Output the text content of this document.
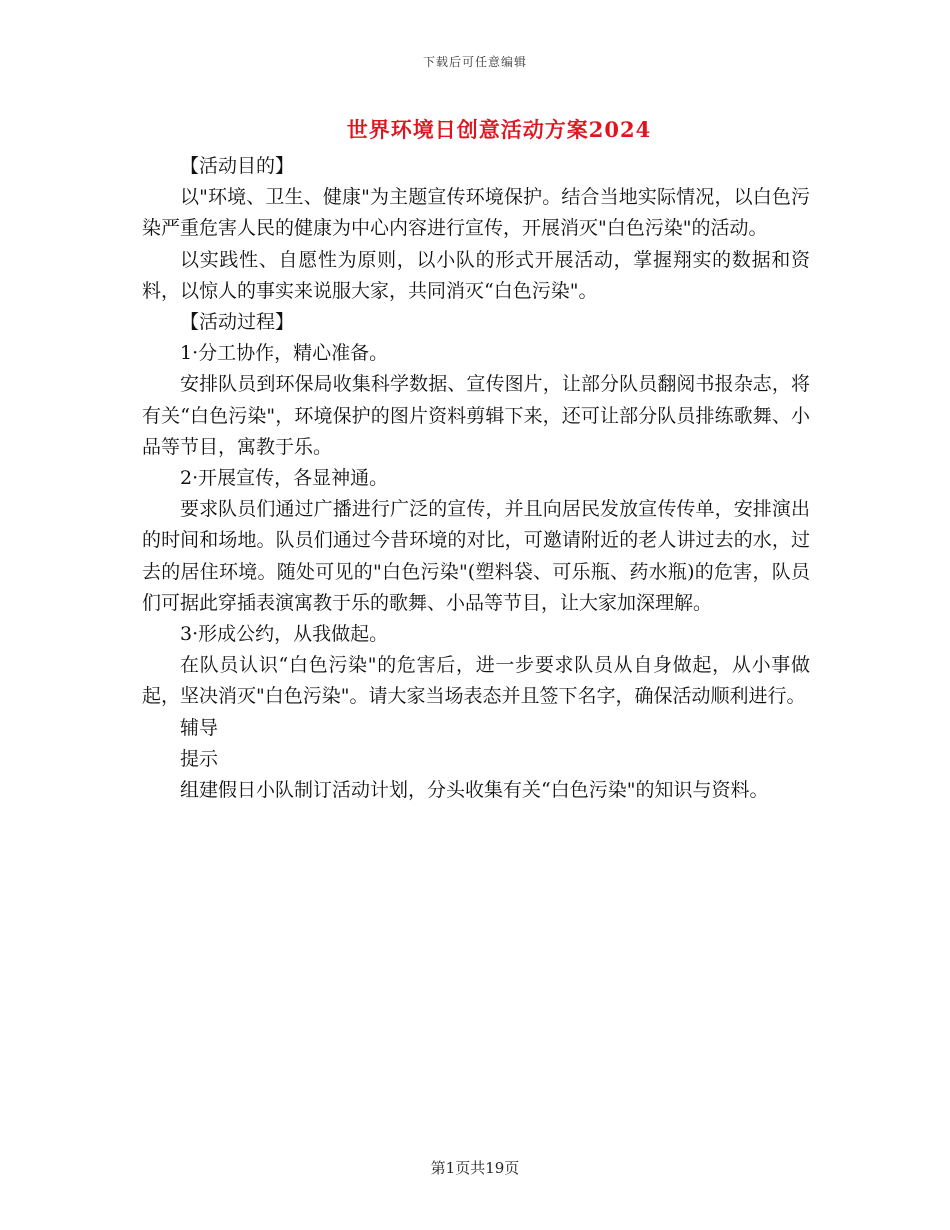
下载后可任意编辑
世界环境日创意活动方案2024

【活动目的】

以"环境、卫生、健康"为主题宣传环境保护。结合当地实际情况，以白色污染严重危害人民的健康为中心内容进行宣传，开展消灭"白色污染"的活动。

以实践性、自愿性为原则，以小队的形式开展活动，掌握翔实的数据和资料，以惊人的事实来说服大家，共同消灭“白色污染"。

【活动过程】

1·分工协作，精心准备。

安排队员到环保局收集科学数据、宣传图片，让部分队员翻阅书报杂志，将有关“白色污染"，环境保护的图片资料剪辑下来，还可让部分队员排练歌舞、小品等节目，寓教于乐。

2·开展宣传，各显神通。

要求队员们通过广播进行广泛的宣传，并且向居民发放宣传传单，安排演出的时间和场地。队员们通过今昔环境的对比，可邀请附近的老人讲过去的水，过去的居住环境。随处可见的"白色污染"(塑料袋、可乐瓶、药水瓶)的危害，队员们可据此穿插表演寓教于乐的歌舞、小品等节目，让大家加深理解。

3·形成公约，从我做起。

在队员认识“白色污染"的危害后，进一步要求队员从自身做起，从小事做起，坚决消灭"白色污染"。请大家当场表态并且签下名字，确保活动顺利进行。

辅导

提示

组建假日小队制订活动计划，分头收集有关“白色污染"的知识与资料。

第1页共19页
